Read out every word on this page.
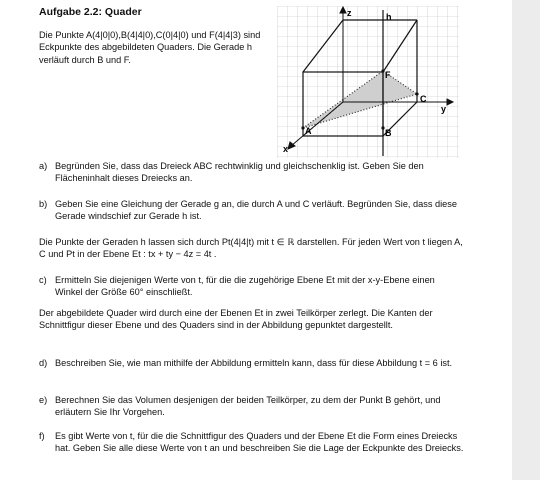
Aufgabe 2.2: Quader
Die Punkte A(4|0|0),B(4|4|0),C(0|4|0) und F(4|4|3) sind Eckpunkte des abgebildeten Quaders. Die Gerade h verläuft durch B und F.
z	h
y
x
A	B
C
F
a) Begründen Sie, dass das Dreieck ABC rechtwinklig und gleichschenklig ist. Geben Sie den Flächeninhalt dieses Dreiecks an.
b) Geben Sie eine Gleichung der Gerade g an, die durch A und C verläuft. Begründen Sie, dass diese Gerade windschief zur Gerade h ist.
Die Punkte der Geraden h lassen sich durch Pt(4|4|t) mit t ∈ ℝ darstellen. Für jeden Wert von t liegen A, C und Pt in der Ebene Et : tx + ty − 4z = 4t .
c) Ermitteln Sie diejenigen Werte von t, für die die zugehörige Ebene Et mit der x-y-Ebene einen Winkel der Größe 60° einschließt.
Der abgebildete Quader wird durch eine der Ebenen Et in zwei Teilkörper zerlegt. Die Kanten der Schnittfigur dieser Ebene und des Quaders sind in der Abbildung gepunktet dargestellt.
d) Beschreiben Sie, wie man mithilfe der Abbildung ermitteln kann, dass für diese Abbildung t = 6 ist.
e) Berechnen Sie das Volumen desjenigen der beiden Teilkörper, zu dem der Punkt B gehört, und erläutern Sie Ihr Vorgehen.
f) Es gibt Werte von t, für die die Schnittfigur des Quaders und der Ebene Et die Form eines Dreiecks hat. Geben Sie alle diese Werte von t an und beschreiben Sie die Lage der Eckpunkte des Dreiecks.
